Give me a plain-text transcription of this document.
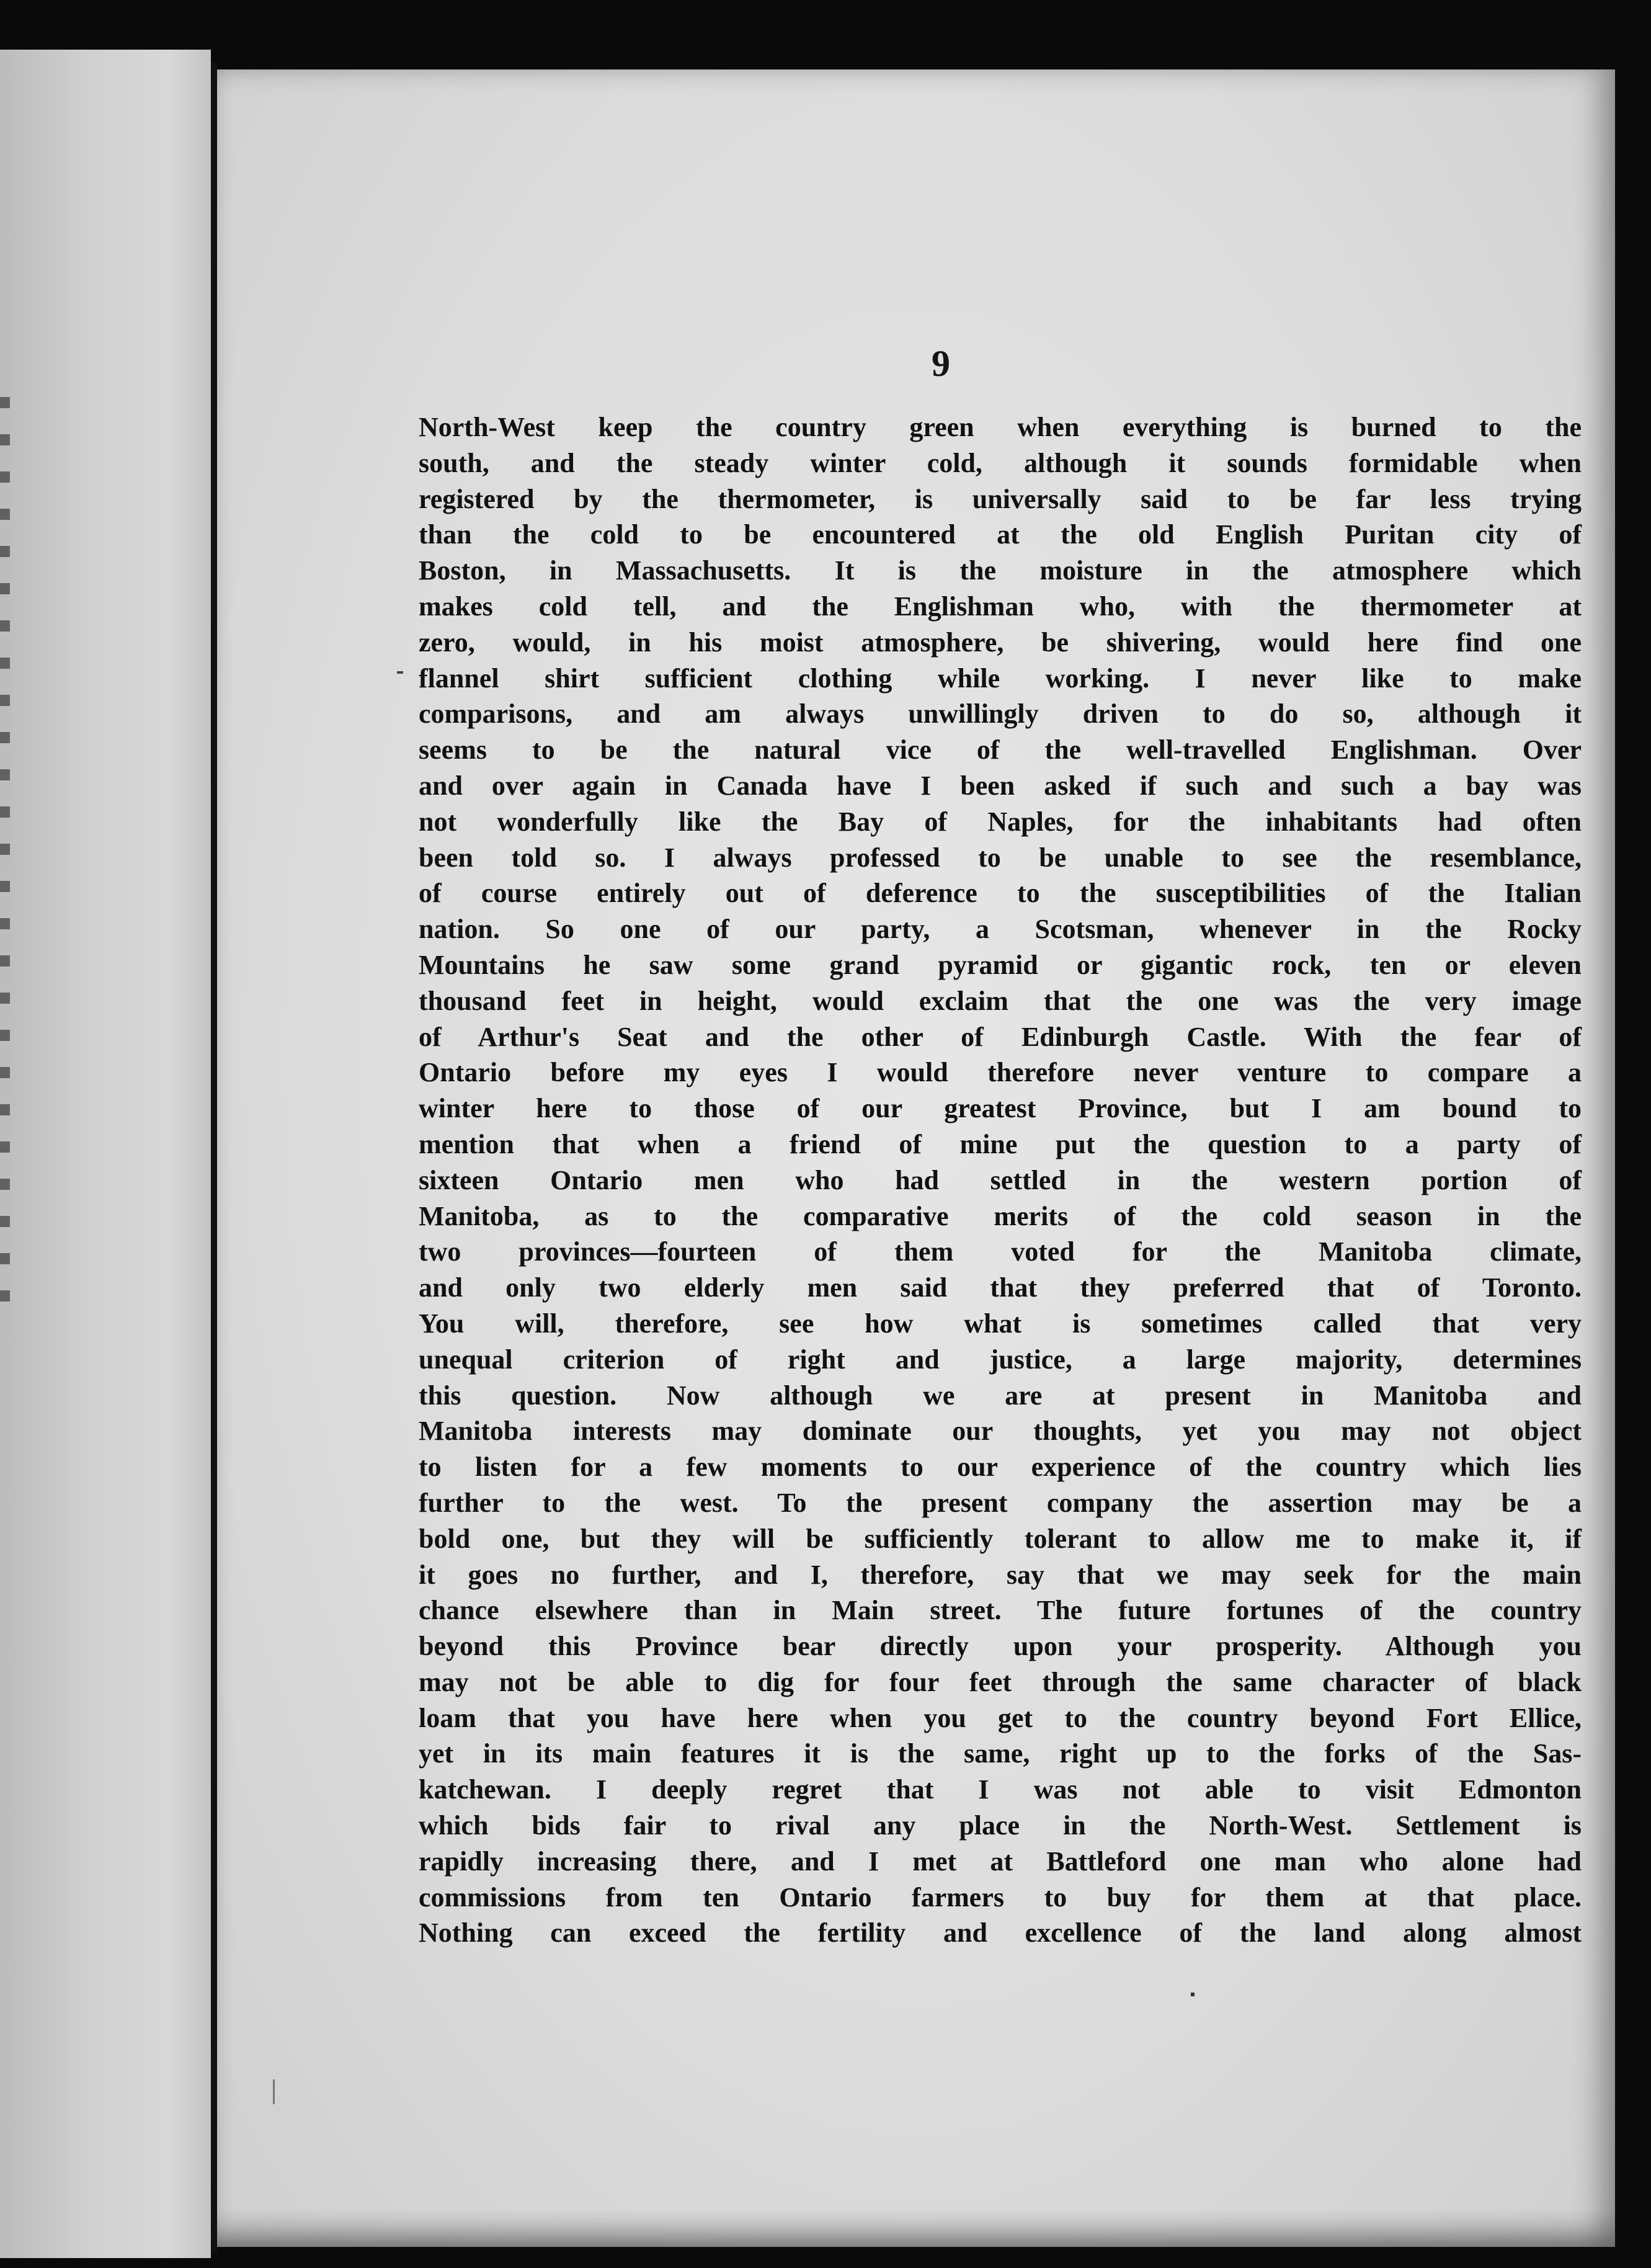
9
North-West keep the country green when everything is burned to the
south, and the steady winter cold, although it sounds formidable when
registered by the thermometer, is universally said to be far less trying
than the cold to be encountered at the old English Puritan city of
Boston, in Massachusetts. It is the moisture in the atmosphere which
makes cold tell, and the Englishman who, with the thermometer at
zero, would, in his moist atmosphere, be shivering, would here find one
flannel shirt sufficient clothing while working. I never like to make
comparisons, and am always unwillingly driven to do so, although it
seems to be the natural vice of the well-travelled Englishman. Over
and over again in Canada have I been asked if such and such a bay was
not wonderfully like the Bay of Naples, for the inhabitants had often
been told so. I always professed to be unable to see the resemblance,
of course entirely out of deference to the susceptibilities of the Italian
nation. So one of our party, a Scotsman, whenever in the Rocky
Mountains he saw some grand pyramid or gigantic rock, ten or eleven
thousand feet in height, would exclaim that the one was the very image
of Arthur's Seat and the other of Edinburgh Castle. With the fear of
Ontario before my eyes I would therefore never venture to compare a
winter here to those of our greatest Province, but I am bound to
mention that when a friend of mine put the question to a party of
sixteen Ontario men who had settled in the western portion of
Manitoba, as to the comparative merits of the cold season in the
two provinces—fourteen of them voted for the Manitoba climate,
and only two elderly men said that they preferred that of Toronto.
You will, therefore, see how what is sometimes called that very
unequal criterion of right and justice, a large majority, determines
this question. Now although we are at present in Manitoba and
Manitoba interests may dominate our thoughts, yet you may not object
to listen for a few moments to our experience of the country which lies
further to the west. To the present company the assertion may be a
bold one, but they will be sufficiently tolerant to allow me to make it, if
it goes no further, and I, therefore, say that we may seek for the main
chance elsewhere than in Main street. The future fortunes of the country
beyond this Province bear directly upon your prosperity. Although you
may not be able to dig for four feet through the same character of black
loam that you have here when you get to the country beyond Fort Ellice,
yet in its main features it is the same, right up to the forks of the Sas-
katchewan. I deeply regret that I was not able to visit Edmonton
which bids fair to rival any place in the North-West. Settlement is
rapidly increasing there, and I met at Battleford one man who alone had
commissions from ten Ontario farmers to buy for them at that place.
Nothing can exceed the fertility and excellence of the land along almost
